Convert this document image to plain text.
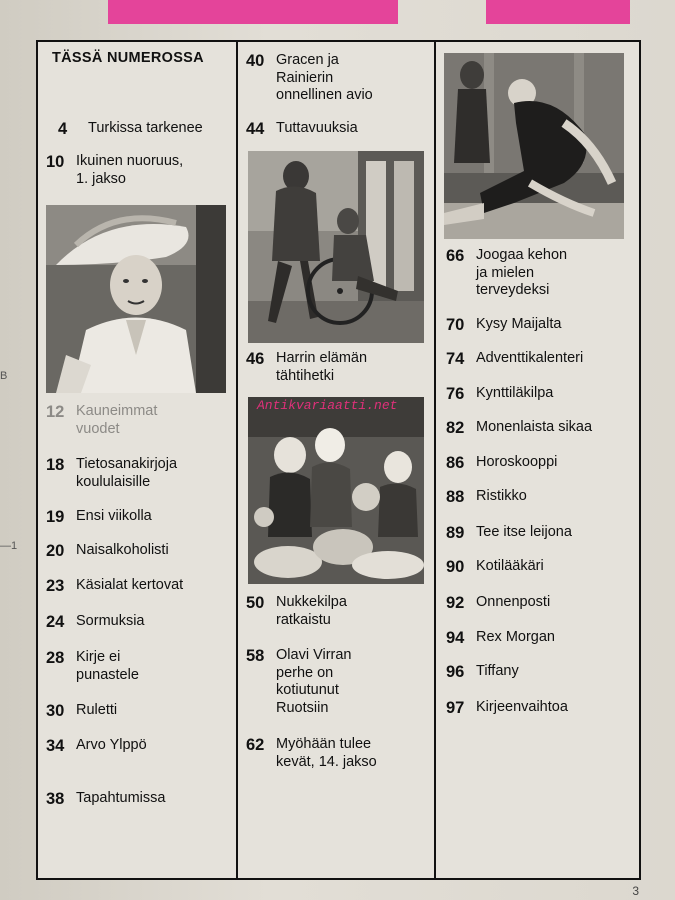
B
—1
TÄSSÄ NUMEROSSA
4	Turkissa tarkenee
10 Ikuinen nuoruus,
1. jakso
12 Kauneimmat
vuodet
18 Tietosanakirjoja
koululaisille
19 Ensi viikolla
20 Naisalkoholisti
23 Käsialat kertovat
24 Sormuksia
28 Kirje ei
punastele
30 Ruletti
34 Arvo Ylppö
38 Tapahtumissa
40 Gracen ja
Rainierin
onnellinen avio
44 Tuttavuuksia
46 Harrin elämän
tähtihetki
50 Nukkekilpa
ratkaistu
58 Olavi Virran
perhe on
kotiutunut
Ruotsiin
62 Myöhään tulee
kevät, 14. jakso
66 Joogaa kehon
ja mielen
terveydeksi
70 Kysy Maijalta
74 Adventtikalenteri
76 Kynttiläkilpa
82 Monenlaista sikaa
86 Horoskooppi
88 Ristikko
89 Tee itse leijona
90 Kotilääkäri
92 Onnenposti
94 Rex Morgan
96 Tiffany
97 Kirjeenvaihtoa
Antikvariaatti.net
3
